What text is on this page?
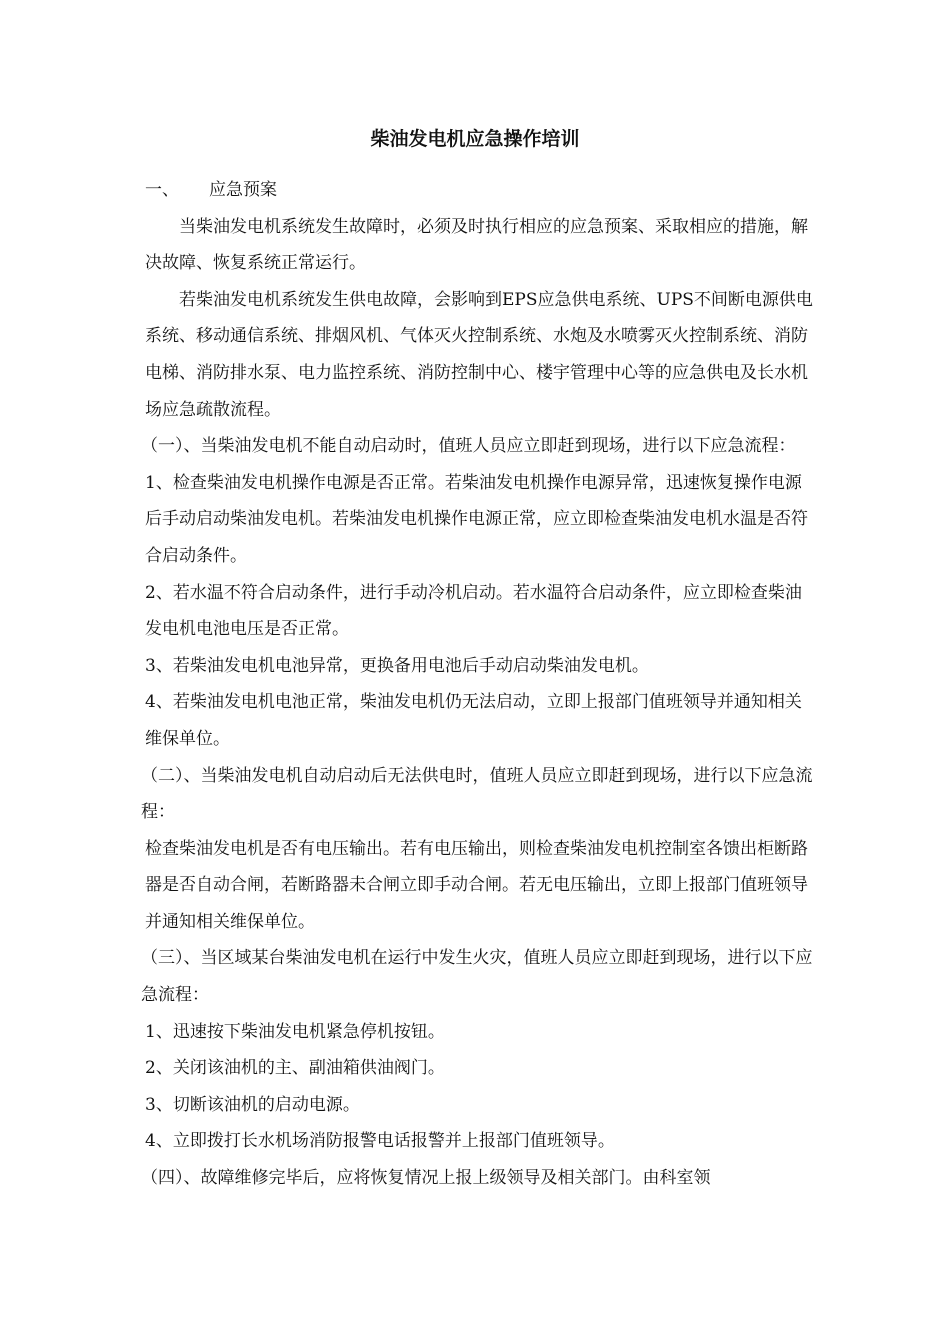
柴油发电机应急操作培训
一、 应急预案

当柴油发电机系统发生故障时，必须及时执行相应的应急预案、采取相应的措施，解决故障、恢复系统正常运行。

若柴油发电机系统发生供电故障，会影响到EPS应急供电系统、UPS不间断电源供电系统、移动通信系统、排烟风机、气体灭火控制系统、水炮及水喷雾灭火控制系统、消防电梯、消防排水泵、电力监控系统、消防控制中心、楼宇管理中心等的应急供电及长水机场应急疏散流程。

（一）、当柴油发电机不能自动启动时，值班人员应立即赶到现场，进行以下应急流程：

1、检查柴油发电机操作电源是否正常。若柴油发电机操作电源异常，迅速恢复操作电源后手动启动柴油发电机。若柴油发电机操作电源正常，应立即检查柴油发电机水温是否符合启动条件。

2、若水温不符合启动条件，进行手动冷机启动。若水温符合启动条件，应立即检查柴油发电机电池电压是否正常。

3、若柴油发电机电池异常，更换备用电池后手动启动柴油发电机。

4、若柴油发电机电池正常，柴油发电机仍无法启动，立即上报部门值班领导并通知相关维保单位。

（二）、当柴油发电机自动启动后无法供电时，值班人员应立即赶到现场，进行以下应急流程：

检查柴油发电机是否有电压输出。若有电压输出，则检查柴油发电机控制室各馈出柜断路器是否自动合闸，若断路器未合闸立即手动合闸。若无电压输出，立即上报部门值班领导并通知相关维保单位。

（三）、当区域某台柴油发电机在运行中发生火灾，值班人员应立即赶到现场，进行以下应急流程：

1、迅速按下柴油发电机紧急停机按钮。

2、关闭该油机的主、副油箱供油阀门。

3、切断该油机的启动电源。

4、立即拨打长水机场消防报警电话报警并上报部门值班领导。

（四）、故障维修完毕后，应将恢复情况上报上级领导及相关部门。由科室领
